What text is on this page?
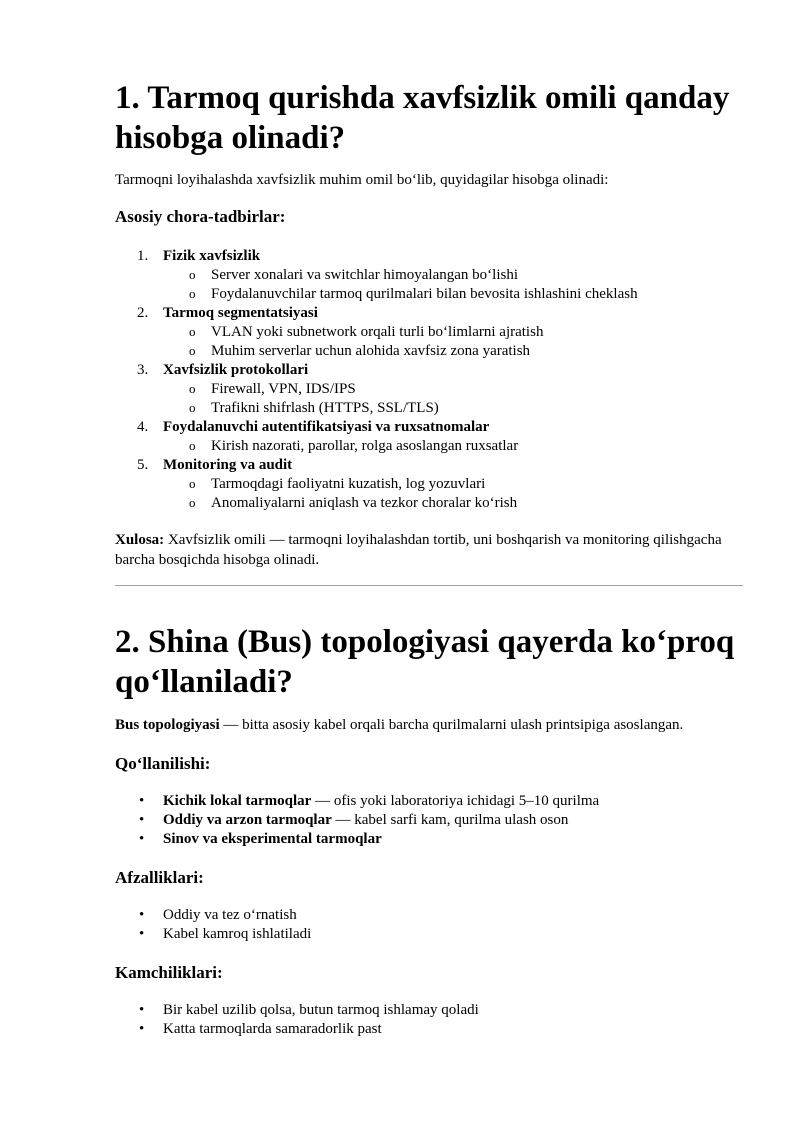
1. Tarmoq qurishda xavfsizlik omili qanday hisobga olinadi?

Tarmoqni loyihalashda xavfsizlik muhim omil bo‘lib, quyidagilar hisobga olinadi:

Asosiy chora-tadbirlar:
1. Fizik xavfsizlik
o Server xonalari va switchlar himoyalangan bo‘lishi
o Foydalanuvchilar tarmoq qurilmalari bilan bevosita ishlashini cheklash
2. Tarmoq segmentatsiyasi
o VLAN yoki subnetwork orqali turli bo‘limlarni ajratish
o Muhim serverlar uchun alohida xavfsiz zona yaratish
3. Xavfsizlik protokollari
o Firewall, VPN, IDS/IPS
o Trafikni shifrlash (HTTPS, SSL/TLS)
4. Foydalanuvchi autentifikatsiyasi va ruxsatnomalar
o Kirish nazorati, parollar, rolga asoslangan ruxsatlar
5. Monitoring va audit
o Tarmoqdagi faoliyatni kuzatish, log yozuvlari
o Anomaliyalarni aniqlash va tezkor choralar ko‘rish

Xulosa: Xavfsizlik omili — tarmoqni loyihalashdan tortib, uni boshqarish va monitoring qilishgacha barcha bosqichda hisobga olinadi.

2. Shina (Bus) topologiyasi qayerda ko‘proq qo‘llaniladi?

Bus topologiyasi — bitta asosiy kabel orqali barcha qurilmalarni ulash printsipiga asoslangan.

Qo‘llanilishi:
• Kichik lokal tarmoqlar — ofis yoki laboratoriya ichidagi 5–10 qurilma
• Oddiy va arzon tarmoqlar — kabel sarfi kam, qurilma ulash oson
• Sinov va eksperimental tarmoqlar
Afzalliklari:
• Oddiy va tez o‘rnatish
• Kabel kamroq ishlatiladi
Kamchiliklari:
• Bir kabel uzilib qolsa, butun tarmoq ishlamay qoladi
• Katta tarmoqlarda samaradorlik past
